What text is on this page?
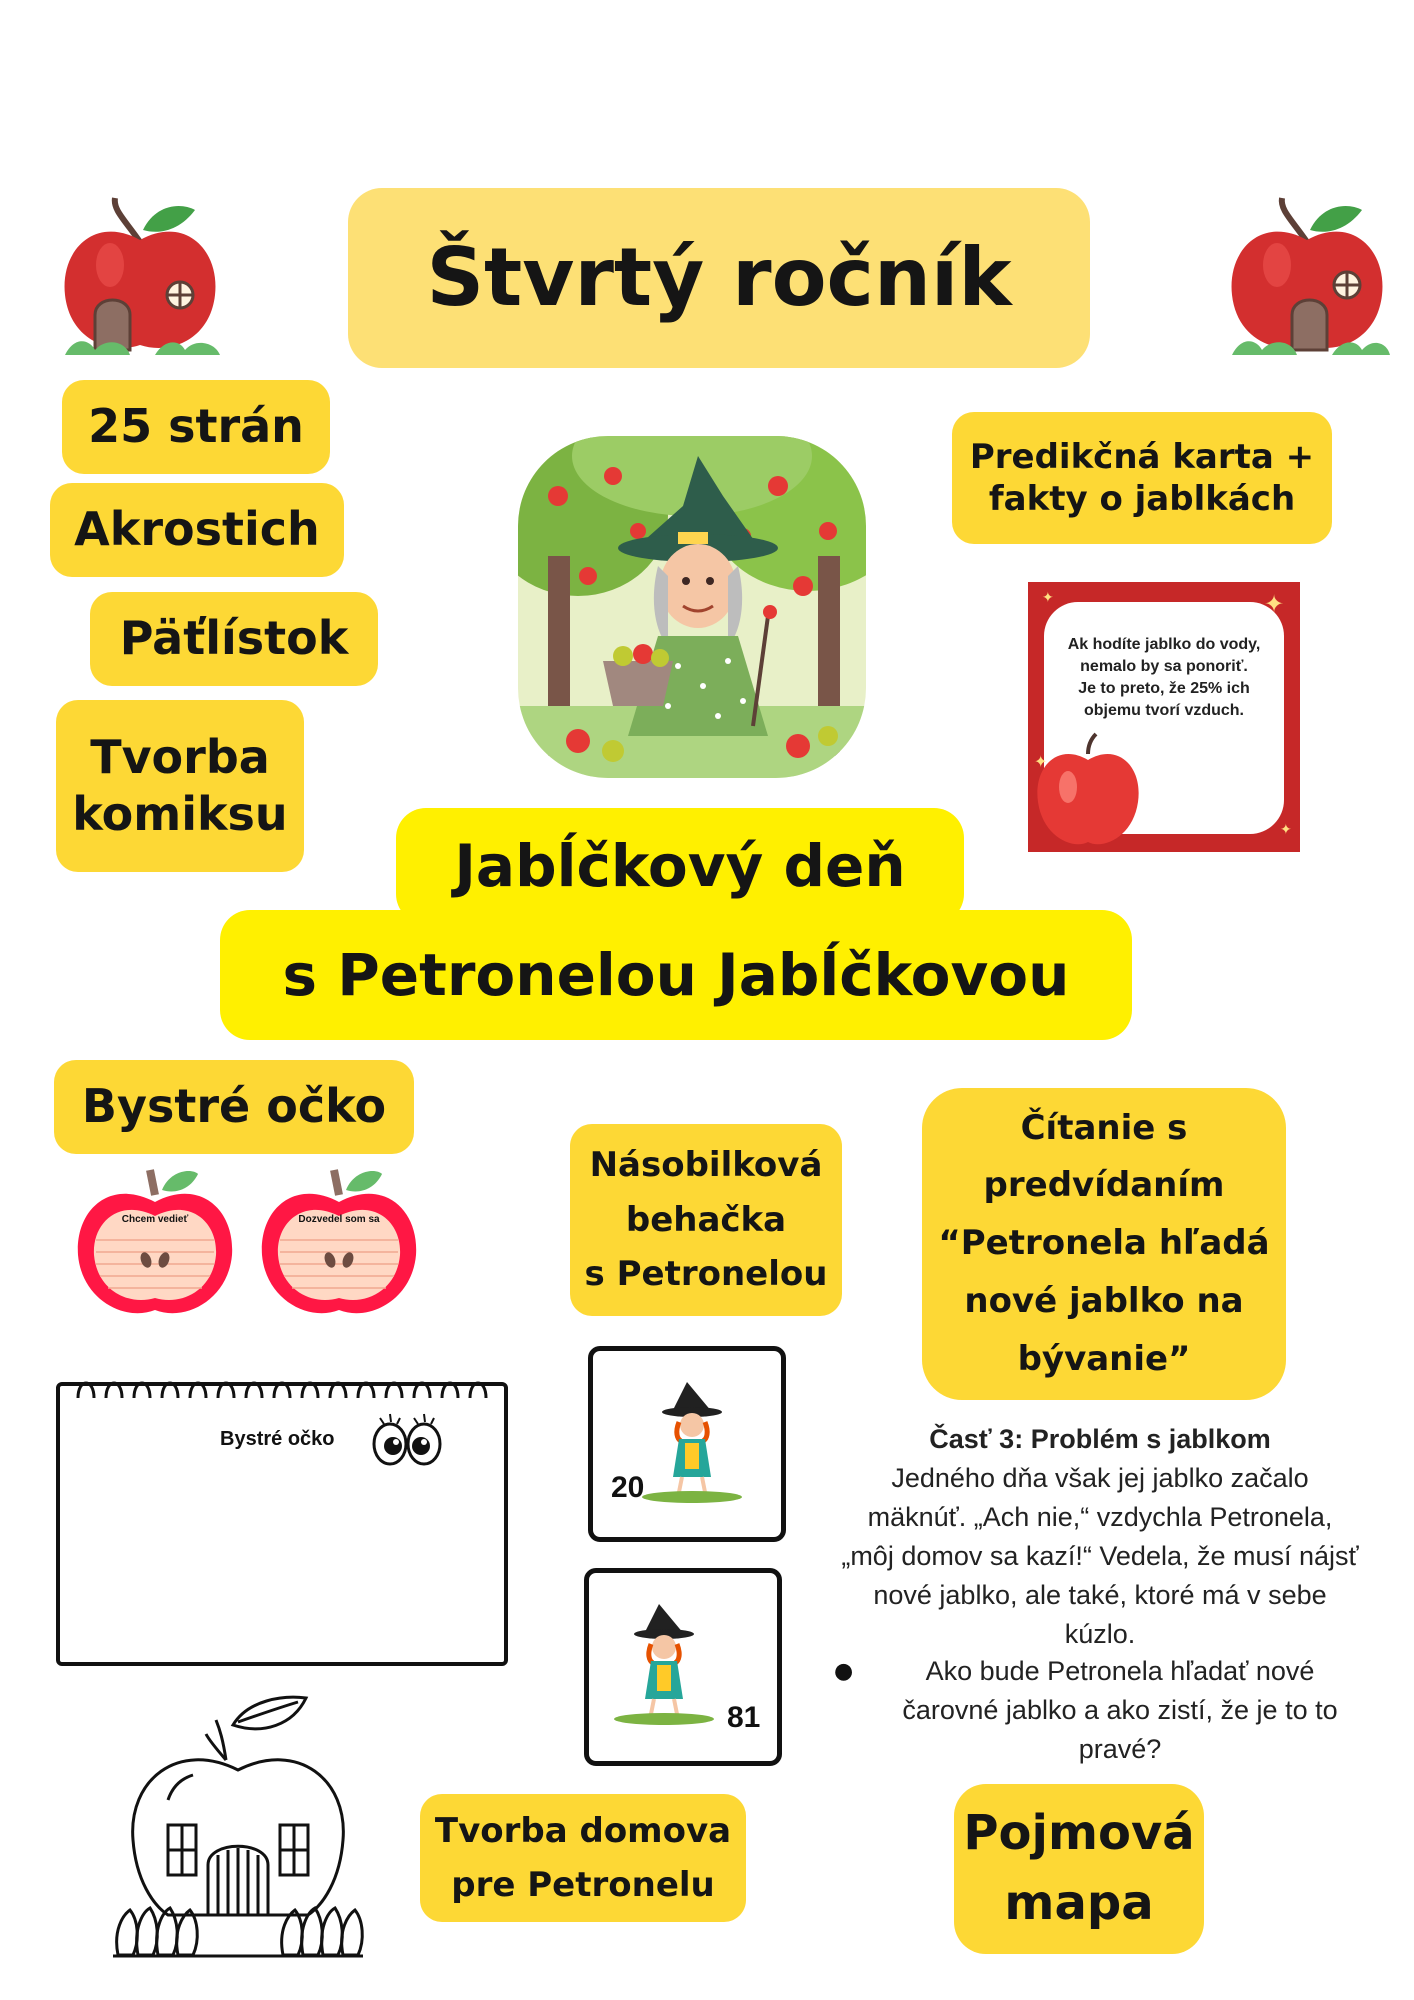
Štvrtý ročník
25 strán
Akrostich
Päťlístok
Tvorba
komiksu
Predikčná karta +
fakty o jablkách
Ak hodíte jablko do vody,
nemalo by sa ponoriť.
Je to preto, že 25% ich
objemu tvorí vzduch.
✦
✦
✦
✦
Jabĺčkový deň
s Petronelou Jabĺčkovou
Bystré očko
Chcem vedieť	Dozvedel som sa
Bystré očko
Násobilková
behačka
s Petronelou
20
81
Čítanie s
predvídaním
“Petronela hľadá
nové jablko na
bývanie”
Časť 3: Problém s jablkom
Jedného dňa však jej jablko začalo
mäknúť. „Ach nie,“ vzdychla Petronela,
„môj domov sa kazí!“ Vedela, že musí nájsť
nové jablko, ale také, ktoré má v sebe
kúzlo.
●	Ako bude Petronela hľadať nové
čarovné jablko a ako zistí, že je to to
pravé?
Tvorba domova
pre Petronelu
Pojmová
mapa
